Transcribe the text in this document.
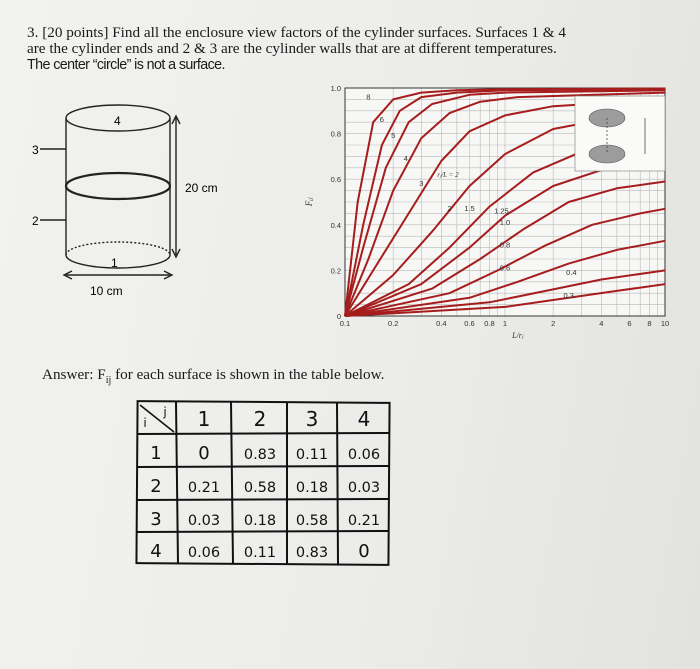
3. [20 points] Find all the enclosure view factors of the cylinder surfaces. Surfaces 1 & 4
are the cylinder ends and 2 & 3 are the cylinder walls that are at different temperatures.
The center “circle” is not a surface.
4
3
2
1
20 cm
10 cm
8
6
5
4
3
2 1.5	1.25
1.0
0.8
0.6
0.4
0.3
0
0.2
0.4
0.6
0.8
1.0
0.1	0.2	0.4 0.6 0.8 1	2	4	6 8 10
Fᵢⱼ
L/rⱼ
rⱼ/L = 2
Answer: $F_{ij}$ for each surface is shown in the table below.
i
j 1 2 3 4
1 0 0.83 0.11 0.06
2 0.21 0.58 0.18 0.03
3 0.03 0.18 0.58 0.21
4 0.06 0.11 0.83 0
